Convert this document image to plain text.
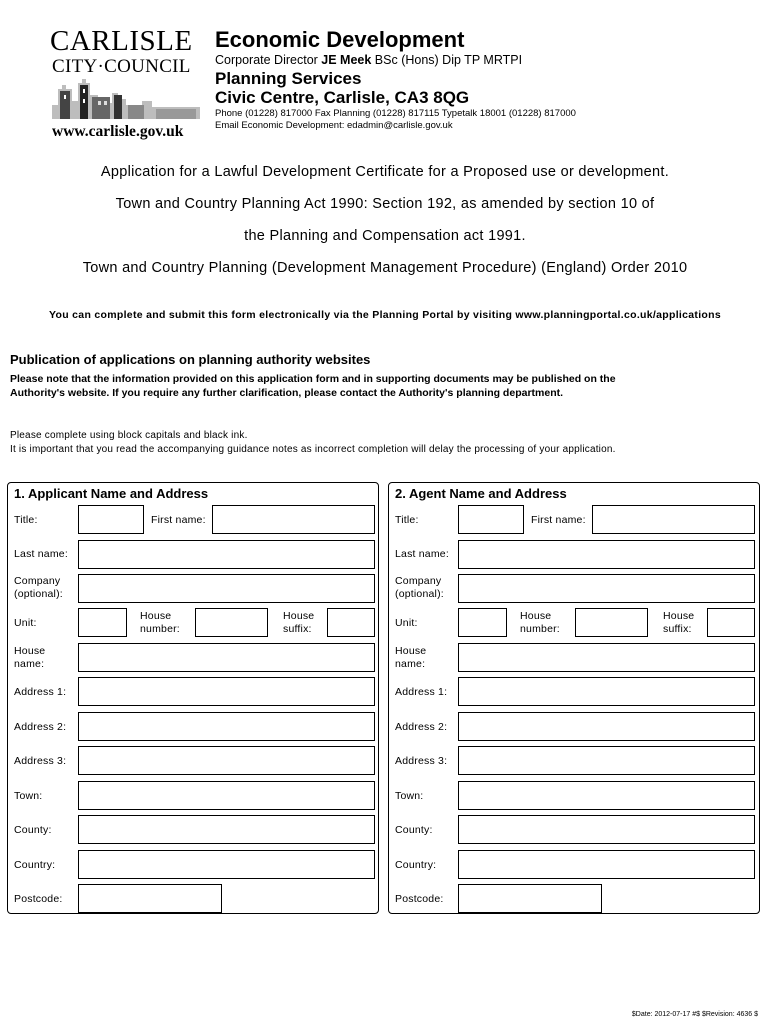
CARLISLE
CITY·COUNCIL
www.carlisle.gov.uk
Economic Development
Corporate Director JE Meek BSc (Hons) Dip TP MRTPI
Planning Services
Civic Centre, Carlisle, CA3 8QG
Phone (01228) 817000 Fax Planning (01228) 817115 Typetalk 18001 (01228) 817000
Email Economic Development: edadmin@carlisle.gov.uk
Application for a Lawful Development Certificate for a Proposed use or development.
Town and Country Planning Act 1990: Section 192, as amended by section 10 of
the Planning and Compensation act 1991.
Town and Country Planning (Development Management Procedure) (England) Order 2010
You can complete and submit this form electronically via the Planning Portal by visiting www.planningportal.co.uk/applications
Publication of applications on planning authority websites
Please note that the information provided on this application form and in supporting documents may be published on the
Authority's website. If you require any further clarification, please contact the Authority's planning department.
Please complete using block capitals and black ink.
It is important that you read the accompanying guidance notes as incorrect completion will delay the processing of your application.
1. Applicant Name and Address
Title:	First name:
Last name:
Company
(optional):
Unit:
House
number:
House
suffix:
House
name:
Address 1:
Address 2:
Address 3:
Town:
County:
Country:
Postcode:
2. Agent Name and Address
Title:	First name:
Last name:
Company
(optional):
Unit:
House
number:
House
suffix:
House
name:
Address 1:
Address 2:
Address 3:
Town:
County:
Country:
Postcode:
$Date: 2012-07-17 #$ $Revision: 4636 $
